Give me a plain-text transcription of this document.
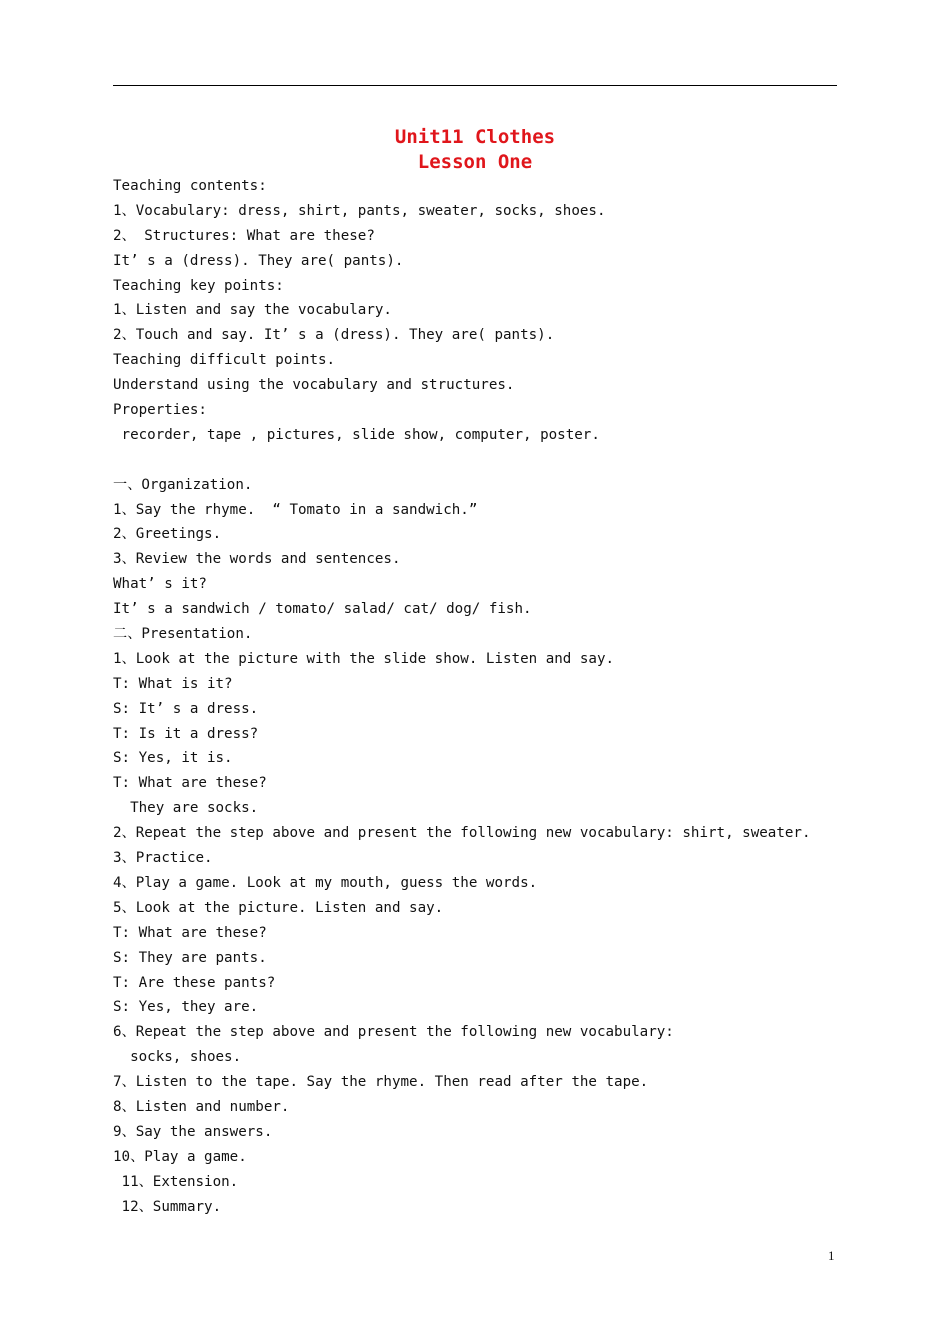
Unit11 Clothes
Lesson One
Teaching contents:
1、Vocabulary: dress, shirt, pants, sweater, socks, shoes.
2、 Structures: What are these?
It’ s a (dress). They are( pants).
Teaching key points:
1、Listen and say the vocabulary.
2、Touch and say. It’ s a (dress). They are( pants).
Teaching difficult points.
Understand using the vocabulary and structures.
Properties:
recorder, tape , pictures, slide show, computer, poster.
一、Organization.
1、Say the rhyme.  “ Tomato in a sandwich.”
2、Greetings.
3、Review the words and sentences.
What’ s it?
It’ s a sandwich / tomato/ salad/ cat/ dog/ fish.
二、Presentation.
1、Look at the picture with the slide show. Listen and say.
T: What is it?
S: It’ s a dress.
T: Is it a dress?
S: Yes, it is.
T: What are these?
They are socks.
2、Repeat the step above and present the following new vocabulary: shirt, sweater.
3、Practice.
4、Play a game. Look at my mouth, guess the words.
5、Look at the picture. Listen and say.
T: What are these?
S: They are pants.
T: Are these pants?
S: Yes, they are.
6、Repeat the step above and present the following new vocabulary:
socks, shoes.
7、Listen to the tape. Say the rhyme. Then read after the tape.
8、Listen and number.
9、Say the answers.
10、Play a game.
11、Extension.
12、Summary.
1
